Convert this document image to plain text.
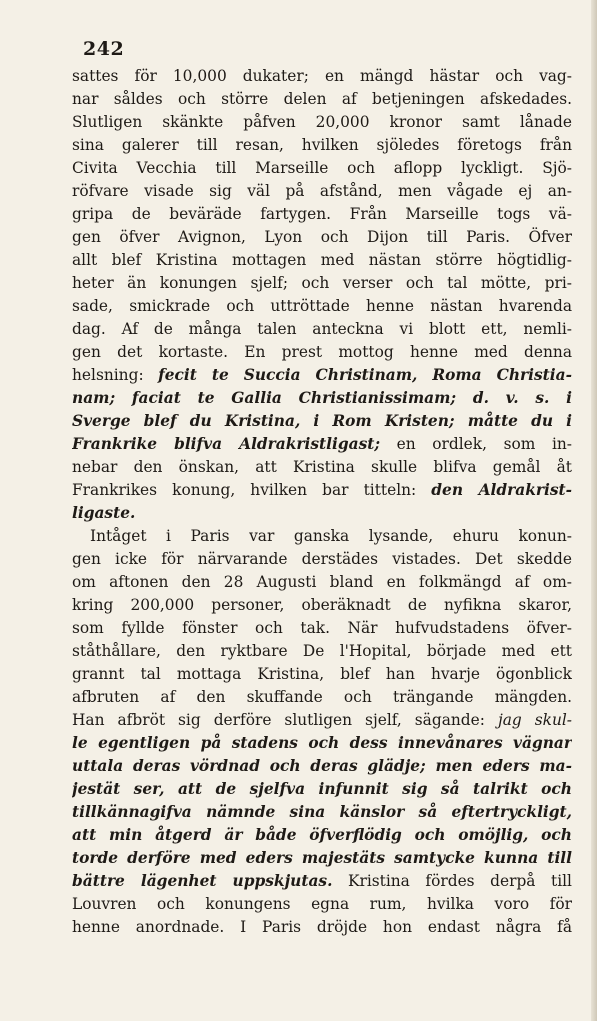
242
sattes för 10,000 dukater; en mängd hästar och vag-
nar såldes och större delen af betjeningen afskedades.
Slutligen skänkte påfven 20,000 kronor samt lånade
sina galerer till resan, hvilken sjöledes företogs från
Civita Vecchia till Marseille och aflopp lyckligt. Sjö-
röfvare visade sig väl på afstånd, men vågade ej an-
gripa de beväräde fartygen. Från Marseille togs vä-
gen öfver Avignon, Lyon och Dijon till Paris. Öfver
allt blef Kristina mottagen med nästan större högtidlig-
heter än konungen sjelf; och verser och tal mötte, pri-
sade, smickrade och uttröttade henne nästan hvarenda
dag. Af de många talen anteckna vi blott ett, nemli-
gen det kortaste. En prest mottog henne med denna
helsning: fecit te Succia Christinam, Roma Christia-
nam; faciat te Gallia Christianissimam; d. v. s. i
Sverge blef du Kristina, i Rom Kristen; måtte du i
Frankrike blifva Aldrakristligast; en ordlek, som in-
nebar den önskan, att Kristina skulle blifva gemål åt
Frankrikes konung, hvilken bar titteln: den Aldrakrist-
ligaste.
Intåget i Paris var ganska lysande, ehuru konun-
gen icke för närvarande derstädes vistades. Det skedde
om aftonen den 28 Augusti bland en folkmängd af om-
kring 200,000 personer, oberäknadt de nyfikna skaror,
som fyllde fönster och tak. När hufvudstadens öfver-
ståthållare, den ryktbare De l'Hopital, började med ett
grannt tal mottaga Kristina, blef han hvarje ögonblick
afbruten af den skuffande och trängande mängden.
Han afbröt sig derföre slutligen sjelf, sägande: jag skul-
le egentligen på stadens och dess innevånares vägnar
uttala deras vördnad och deras glädje; men eders ma-
jestät ser, att de sjelfva infunnit sig så talrikt och
tillkännagifva nämnde sina känslor så eftertryckligt,
att min åtgerd är både öfverflödig och omöjlig, och
torde derföre med eders majestäts samtycke kunna till
bättre lägenhet uppskjutas. Kristina fördes derpå till
Louvren och konungens egna rum, hvilka voro för
henne anordnade. I Paris dröjde hon endast några få
